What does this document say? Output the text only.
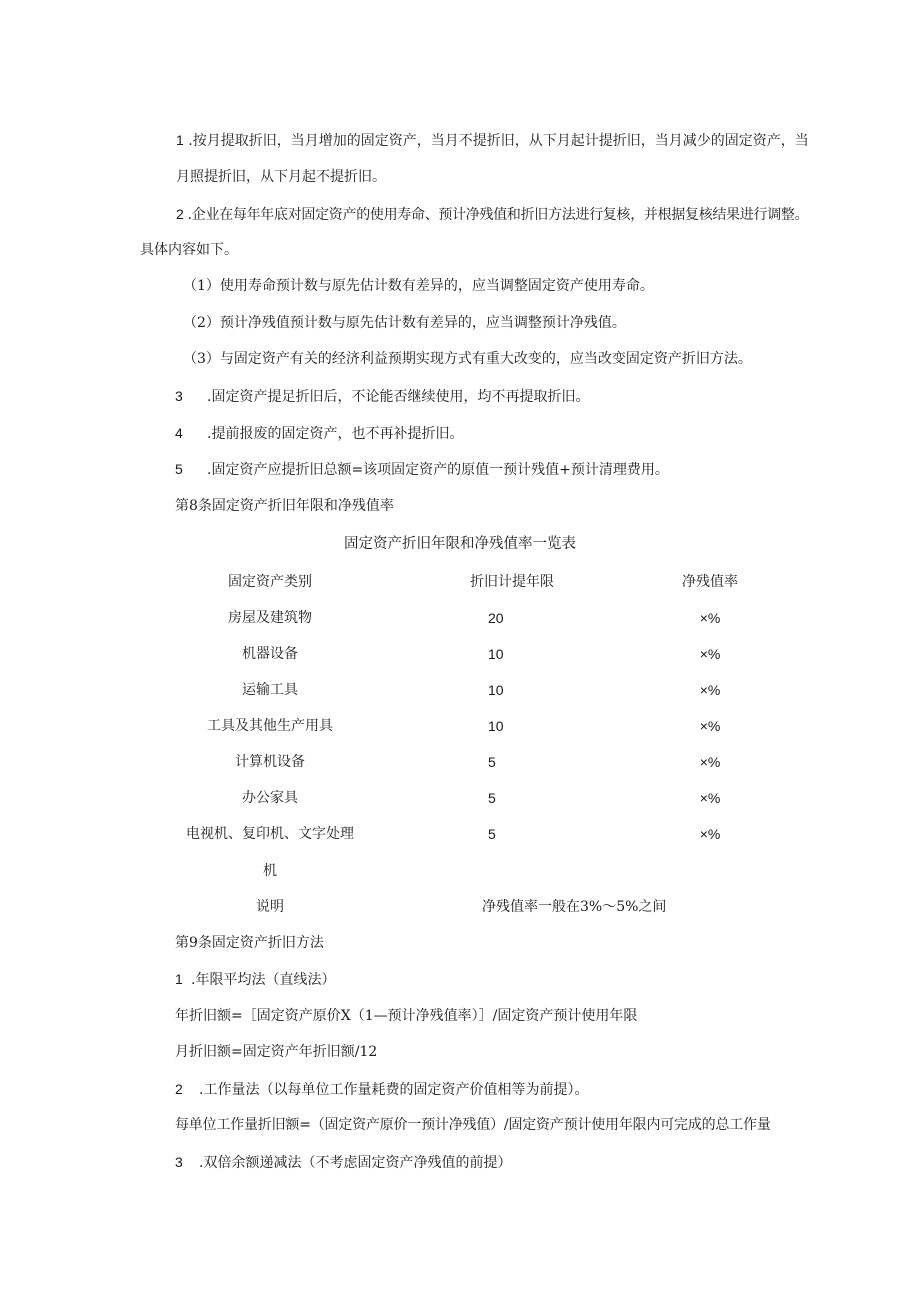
1 .按月提取折旧，当月增加的固定资产，当月不提折旧，从下月起计提折旧，当月减少的固定资产，当
月照提折旧，从下月起不提折旧。
2 .企业在每年年底对固定资产的使用寿命、预计净残值和折旧方法进行复核，并根据复核结果进行调整。
具体内容如下。
（1）使用寿命预计数与原先估计数有差异的，应当调整固定资产使用寿命。
（2）预计净残值预计数与原先估计数有差异的，应当调整预计净残值。
（3）与固定资产有关的经济利益预期实现方式有重大改变的，应当改变固定资产折旧方法。
3 .固定资产提足折旧后，不论能否继续使用，均不再提取折旧。
4 .提前报废的固定资产，也不再补提折旧。
5 .固定资产应提折旧总额=该项固定资产的原值一预计残值+预计清理费用。
第8条固定资产折旧年限和净残值率
固定资产折旧年限和净残值率一览表
固定资产类别	折旧计提年限	净残值率
房屋及建筑物	20	×%
机器设备	10	×%
运输工具	10	×%
工具及其他生产用具	10	×%
计算机设备	5	×%
办公家具	5	×%
电视机、复印机、文字处理	5	×%
机
说明	净残值率一般在3%～5%之间
第9条固定资产折旧方法
1 .年限平均法（直线法）
年折旧额=［固定资产原价X（1—预计净残值率）］/固定资产预计使用年限
月折旧额=固定资产年折旧额/12
2 .工作量法（以每单位工作量耗费的固定资产价值相等为前提）。
每单位工作量折旧额=（固定资产原价一预计净残值）/固定资产预计使用年限内可完成的总工作量
3 .双倍余额递减法（不考虑固定资产净残值的前提）
